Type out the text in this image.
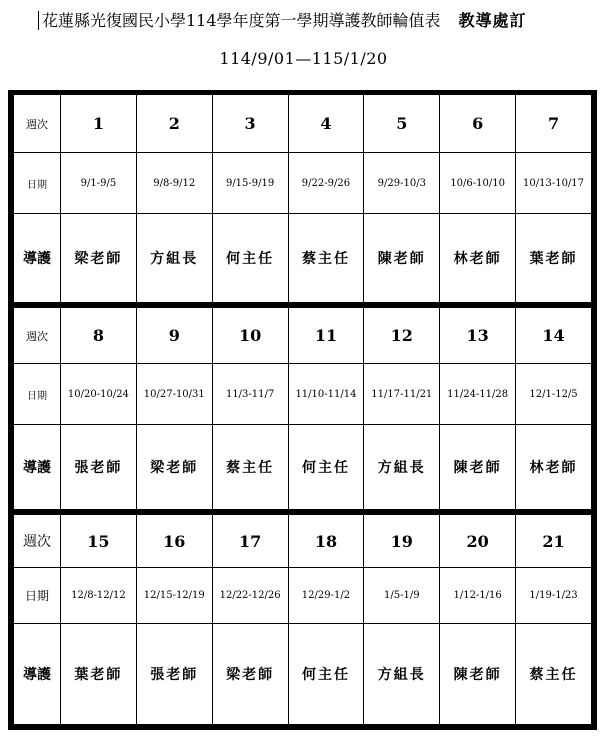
花蓮縣光復國民小學114學年度第一學期導護教師輪值表 教導處訂
114/9/01—115/1/20
週次	1	2	3	4	5	6	7
日期	9/1-9/5	9/8-9/12	9/15-9/19	9/22-9/26	9/29-10/3	10/6-10/10	10/13-10/17
導護	梁老師	方組長	何主任	蔡主任	陳老師	林老師	葉老師
週次	8	9	10	11	12	13	14
日期	10/20-10/24	10/27-10/31	11/3-11/7	11/10-11/14	11/17-11/21	11/24-11/28	12/1-12/5
導護	張老師	梁老師	蔡主任	何主任	方組長	陳老師	林老師
週次	15	16	17	18	19	20	21
日期	12/8-12/12	12/15-12/19	12/22-12/26	12/29-1/2	1/5-1/9	1/12-1/16	1/19-1/23
導護	葉老師	張老師	梁老師	何主任	方組長	陳老師	蔡主任
